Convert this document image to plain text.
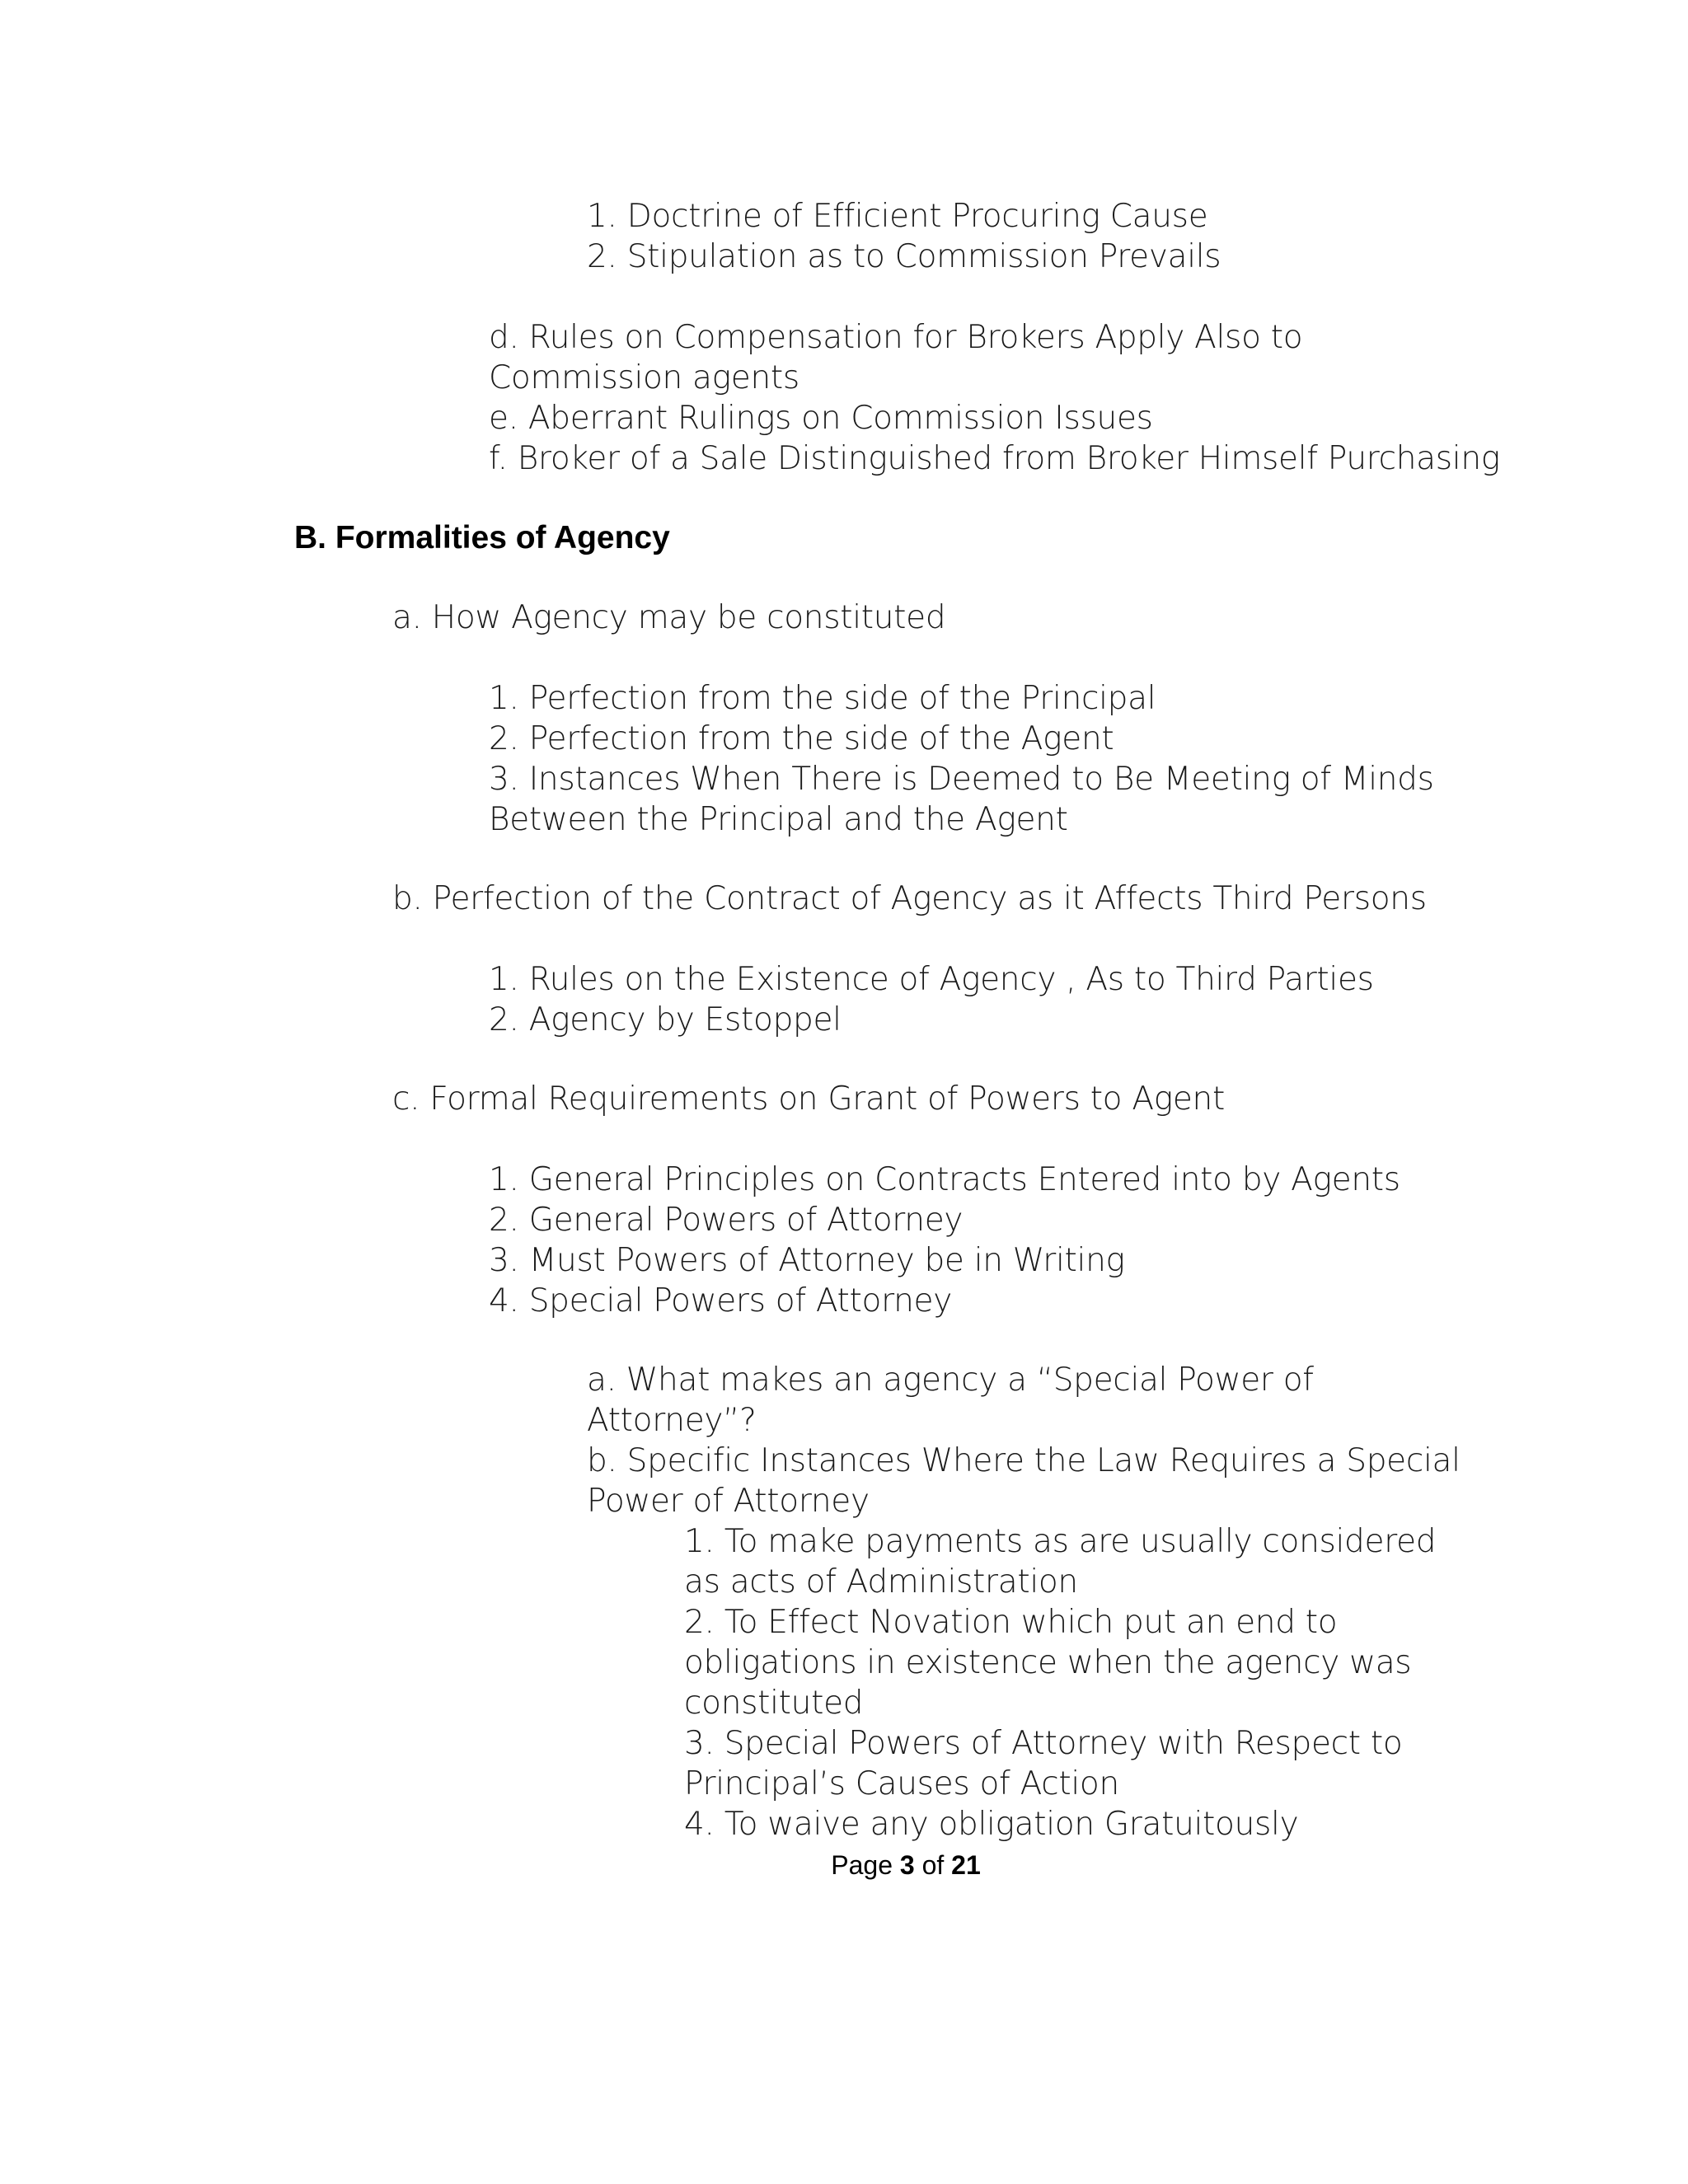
1. Doctrine of Efficient Procuring Cause
2. Stipulation as to Commission Prevails
d. Rules on Compensation for Brokers Apply Also to
Commission agents
e. Aberrant Rulings on Commission Issues
f. Broker of a Sale Distinguished from Broker Himself Purchasing
B. Formalities of Agency
a. How Agency may be constituted
1. Perfection from the side of the Principal
2. Perfection from the side of the Agent
3. Instances When There is Deemed to Be Meeting of Minds
Between the Principal and the Agent
b. Perfection of the Contract of Agency as it Affects Third Persons
1. Rules on the Existence of Agency , As to Third Parties
2. Agency by Estoppel
c. Formal Requirements on Grant of Powers to Agent
1. General Principles on Contracts Entered into by Agents
2. General Powers of Attorney
3. Must Powers of Attorney be in Writing
4. Special Powers of Attorney
a. What makes an agency a “Special Power of
Attorney”?
b. Specific Instances Where the Law Requires a Special
Power of Attorney
1. To make payments as are usually considered
as acts of Administration
2. To Effect Novation which put an end to
obligations in existence when the agency was
constituted
3. Special Powers of Attorney with Respect to
Principal’s Causes of Action
4. To waive any obligation Gratuitously
Page 3 of 21
